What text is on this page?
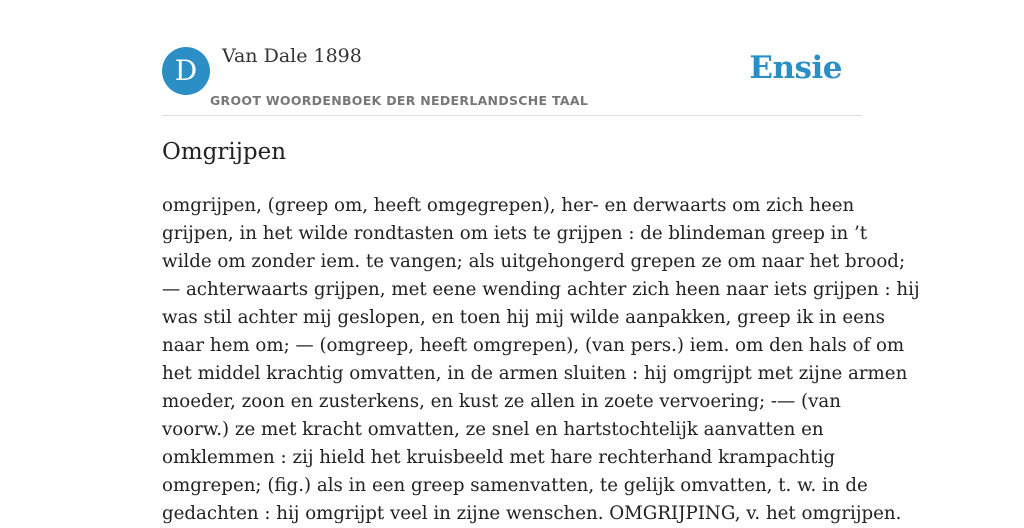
D	Van Dale 1898
GROOT WOORDENBOEK DER NEDERLANDSCHE TAAL
Ensie
Omgrijpen
omgrijpen, (greep om, heeft omgegrepen), her- en derwaarts om zich heen
grijpen, in het wilde rondtasten om iets te grijpen : de blindeman greep in ’t
wilde om zonder iem. te vangen; als uitgehongerd grepen ze om naar het brood;
— achterwaarts grijpen, met eene wending achter zich heen naar iets grijpen : hij
was stil achter mij geslopen, en toen hij mij wilde aanpakken, greep ik in eens
naar hem om; — (omgreep, heeft omgrepen), (van pers.) iem. om den hals of om
het middel krachtig omvatten, in de armen sluiten : hij omgrijpt met zijne armen
moeder, zoon en zusterkens, en kust ze allen in zoete vervoering; -— (van
voorw.) ze met kracht omvatten, ze snel en hartstochtelijk aanvatten en
omklemmen : zij hield het kruisbeeld met hare rechterhand krampachtig
omgrepen; (fig.) als in een greep samenvatten, te gelijk omvatten, t. w. in de
gedachten : hij omgrijpt veel in zijne wenschen. OMGRIJPING, v. het omgrijpen.
